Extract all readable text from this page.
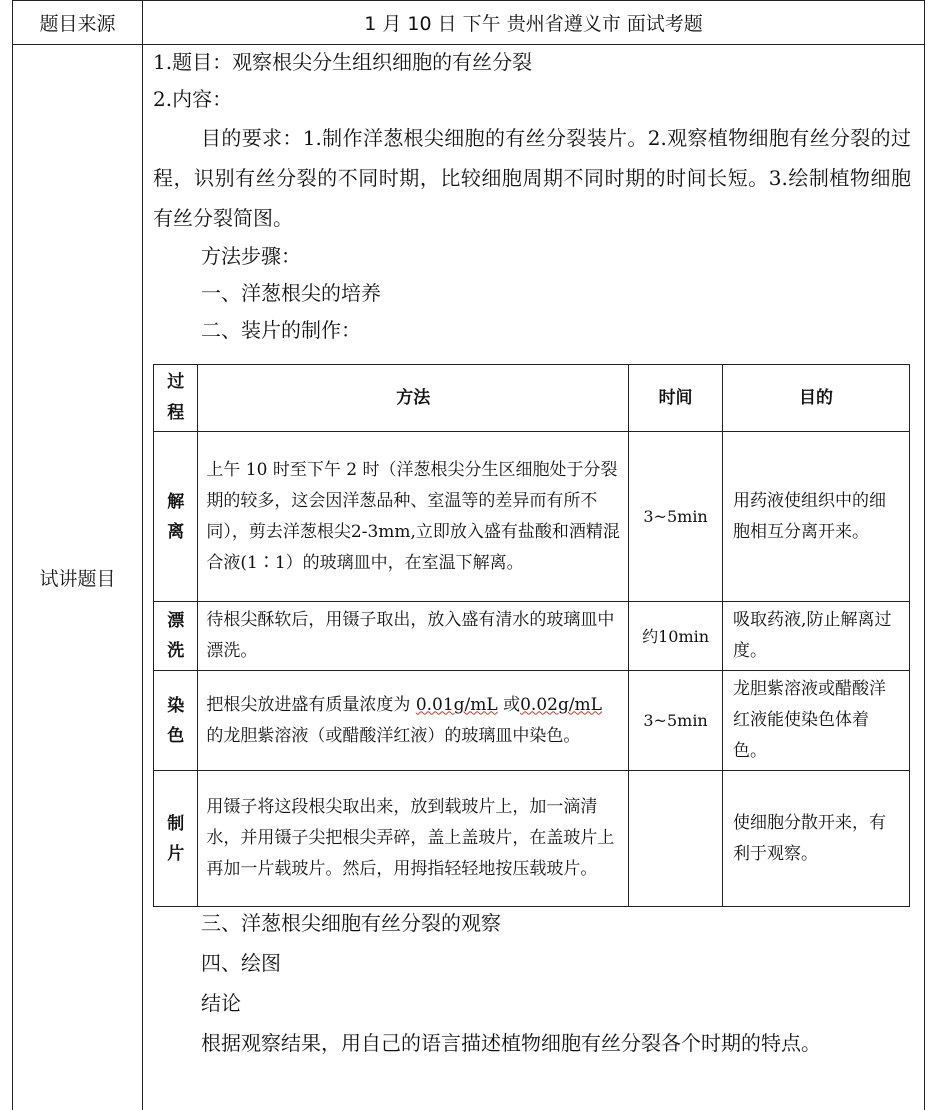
题目来源	1 月 10 日 下午 贵州省遵义市 面试考题
试讲题目
1.题目：观察根尖分生组织细胞的有丝分裂
2.内容：
目的要求：1.制作洋葱根尖细胞的有丝分裂装片。2.观察植物细胞有丝分裂的过程，识别有丝分裂的不同时期，比较细胞周期不同时期的时间长短。3.绘制植物细胞有丝分裂简图。
方法步骤：
一、洋葱根尖的培养
二、装片的制作：
过程	方法	时间	目的
解离	上午 10 时至下午 2 时（洋葱根尖分生区细胞处于分裂期的较多，这会因洋葱品种、室温等的差异而有所不同），剪去洋葱根尖2-3mm,立即放入盛有盐酸和酒精混合液(1∶1）的玻璃皿中，在室温下解离。	3~5min	用药液使组织中的细胞相互分离开来。
漂洗	待根尖酥软后，用镊子取出，放入盛有清水的玻璃皿中漂洗。	约10min	吸取药液,防止解离过度。
染色	把根尖放进盛有质量浓度为 0.01g/mL 或0.02g/mL 的龙胆紫溶液（或醋酸洋红液）的玻璃皿中染色。	3~5min	龙胆紫溶液或醋酸洋红液能使染色体着色。
制片	用镊子将这段根尖取出来，放到载玻片上，加一滴清水，并用镊子尖把根尖弄碎，盖上盖玻片，在盖玻片上再加一片载玻片。然后，用拇指轻轻地按压载玻片。		使细胞分散开来，有利于观察。
三、洋葱根尖细胞有丝分裂的观察
四、绘图
结论
根据观察结果，用自己的语言描述植物细胞有丝分裂各个时期的特点。
